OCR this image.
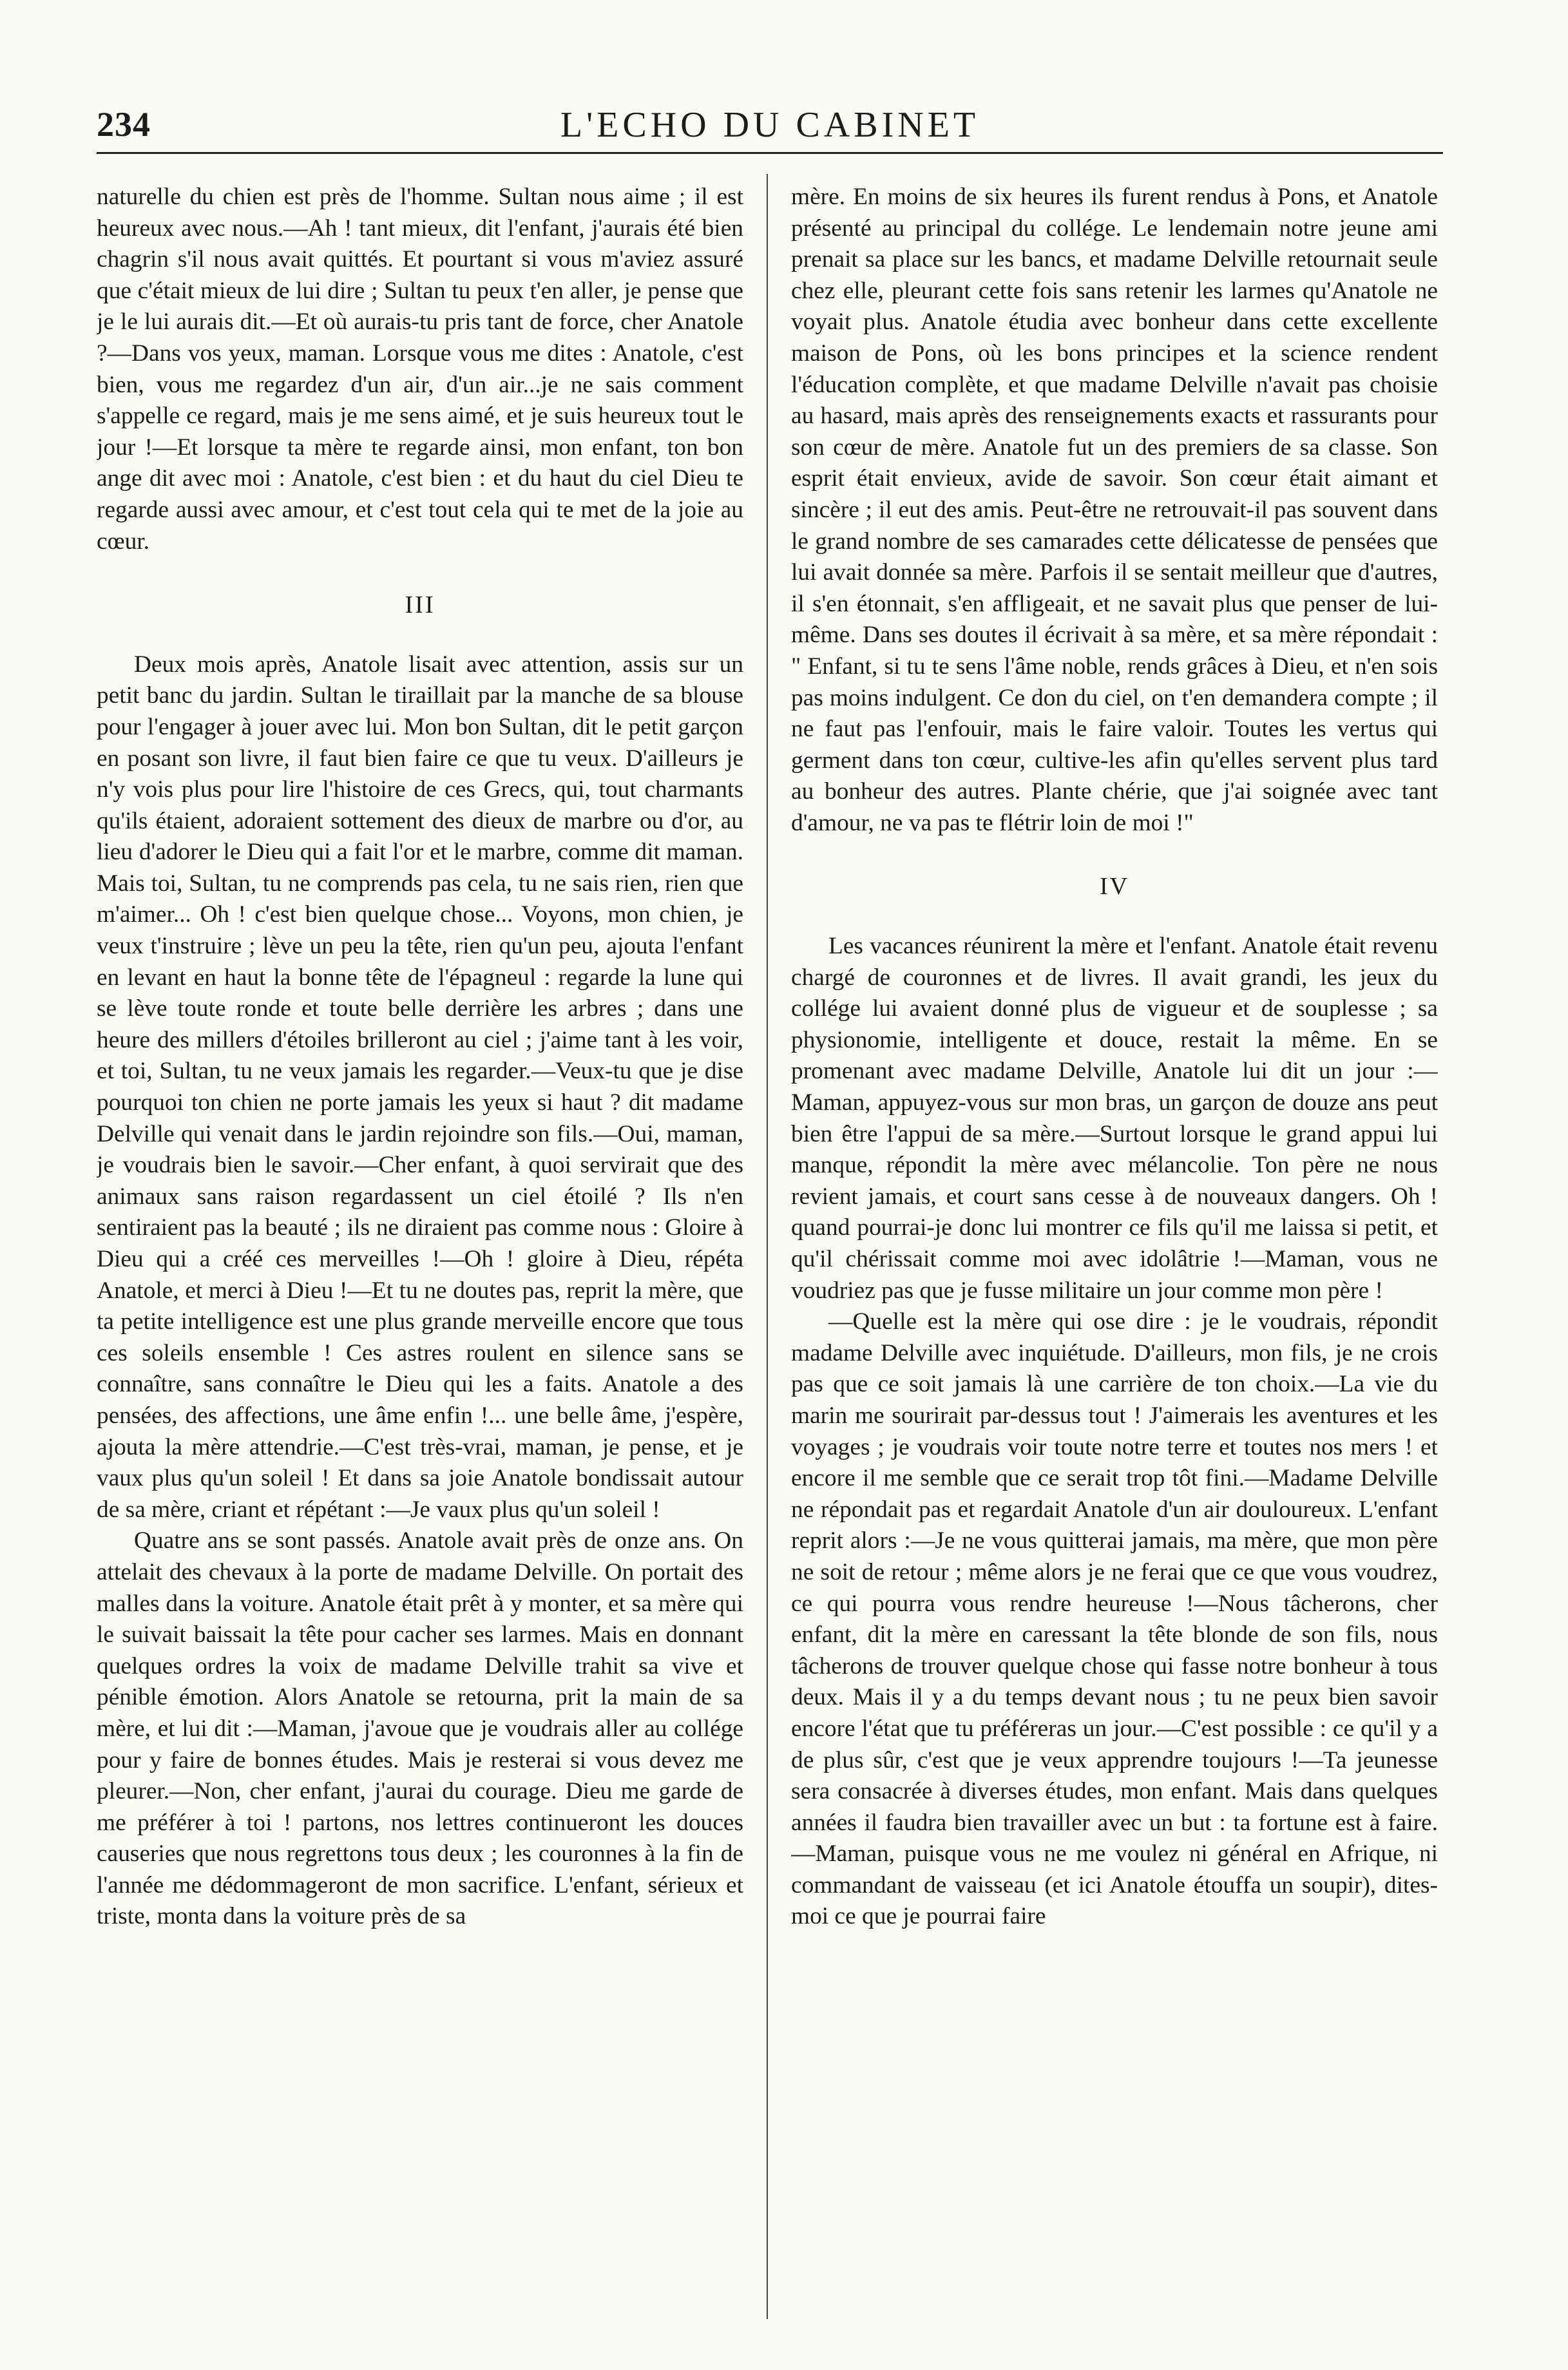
234	L'ECHO DU CABINET

naturelle du chien est près de l'homme. Sultan nous aime ; il est heureux avec nous.—Ah ! tant mieux, dit l'enfant, j'aurais été bien chagrin s'il nous avait quittés. Et pourtant si vous m'aviez assuré que c'était mieux de lui dire ; Sultan tu peux t'en aller, je pense que je le lui aurais dit.—Et où aurais-tu pris tant de force, cher Anatole ?—Dans vos yeux, maman. Lorsque vous me dites : Anatole, c'est bien, vous me regardez d'un air, d'un air...je ne sais comment s'appelle ce regard, mais je me sens aimé, et je suis heureux tout le jour !—Et lorsque ta mère te regarde ainsi, mon enfant, ton bon ange dit avec moi : Anatole, c'est bien : et du haut du ciel Dieu te regarde aussi avec amour, et c'est tout cela qui te met de la joie au cœur.

III

Deux mois après, Anatole lisait avec attention, assis sur un petit banc du jardin. Sultan le tiraillait par la manche de sa blouse pour l'engager à jouer avec lui. Mon bon Sultan, dit le petit garçon en posant son livre, il faut bien faire ce que tu veux. D'ailleurs je n'y vois plus pour lire l'histoire de ces Grecs, qui, tout charmants qu'ils étaient, adoraient sottement des dieux de marbre ou d'or, au lieu d'adorer le Dieu qui a fait l'or et le marbre, comme dit maman. Mais toi, Sultan, tu ne comprends pas cela, tu ne sais rien, rien que m'aimer... Oh ! c'est bien quelque chose... Voyons, mon chien, je veux t'instruire ; lève un peu la tête, rien qu'un peu, ajouta l'enfant en levant en haut la bonne tête de l'épagneul : regarde la lune qui se lève toute ronde et toute belle derrière les arbres ; dans une heure des millers d'étoiles brilleront au ciel ; j'aime tant à les voir, et toi, Sultan, tu ne veux jamais les regarder.—Veux-tu que je dise pourquoi ton chien ne porte jamais les yeux si haut ? dit madame Delville qui venait dans le jardin rejoindre son fils.—Oui, maman, je voudrais bien le savoir.—Cher enfant, à quoi servirait que des animaux sans raison regardassent un ciel étoilé ? Ils n'en sentiraient pas la beauté ; ils ne diraient pas comme nous : Gloire à Dieu qui a créé ces merveilles !—Oh ! gloire à Dieu, répéta Anatole, et merci à Dieu !—Et tu ne doutes pas, reprit la mère, que ta petite intelligence est une plus grande merveille encore que tous ces soleils ensemble ! Ces astres roulent en silence sans se connaître, sans connaître le Dieu qui les a faits. Anatole a des pensées, des affections, une âme enfin !... une belle âme, j'espère, ajouta la mère attendrie.—C'est très-vrai, maman, je pense, et je vaux plus qu'un soleil ! Et dans sa joie Anatole bondissait autour de sa mère, criant et répétant :—Je vaux plus qu'un soleil !

Quatre ans se sont passés. Anatole avait près de onze ans. On attelait des chevaux à la porte de madame Delville. On portait des malles dans la voiture. Anatole était prêt à y monter, et sa mère qui le suivait baissait la tête pour cacher ses larmes. Mais en donnant quelques ordres la voix de madame Delville trahit sa vive et pénible émotion. Alors Anatole se retourna, prit la main de sa mère, et lui dit :—Maman, j'avoue que je voudrais aller au collége pour y faire de bonnes études. Mais je resterai si vous devez me pleurer.—Non, cher enfant, j'aurai du courage. Dieu me garde de me préférer à toi ! partons, nos lettres continueront les douces causeries que nous regrettons tous deux ; les couronnes à la fin de l'année me dédommageront de mon sacrifice. L'enfant, sérieux et triste, monta dans la voiture près de sa

mère. En moins de six heures ils furent rendus à Pons, et Anatole présenté au principal du collége. Le lendemain notre jeune ami prenait sa place sur les bancs, et madame Delville retournait seule chez elle, pleurant cette fois sans retenir les larmes qu'Anatole ne voyait plus. Anatole étudia avec bonheur dans cette excellente maison de Pons, où les bons principes et la science rendent l'éducation complète, et que madame Delville n'avait pas choisie au hasard, mais après des renseignements exacts et rassurants pour son cœur de mère. Anatole fut un des premiers de sa classe. Son esprit était envieux, avide de savoir. Son cœur était aimant et sincère ; il eut des amis. Peut-être ne retrouvait-il pas souvent dans le grand nombre de ses camarades cette délicatesse de pensées que lui avait donnée sa mère. Parfois il se sentait meilleur que d'autres, il s'en étonnait, s'en affligeait, et ne savait plus que penser de lui-même. Dans ses doutes il écrivait à sa mère, et sa mère répondait : " Enfant, si tu te sens l'âme noble, rends grâces à Dieu, et n'en sois pas moins indulgent. Ce don du ciel, on t'en demandera compte ; il ne faut pas l'enfouir, mais le faire valoir. Toutes les vertus qui germent dans ton cœur, cultive-les afin qu'elles servent plus tard au bonheur des autres. Plante chérie, que j'ai soignée avec tant d'amour, ne va pas te flétrir loin de moi !"

IV

Les vacances réunirent la mère et l'enfant. Anatole était revenu chargé de couronnes et de livres. Il avait grandi, les jeux du collége lui avaient donné plus de vigueur et de souplesse ; sa physionomie, intelligente et douce, restait la même. En se promenant avec madame Delville, Anatole lui dit un jour :—Maman, appuyez-vous sur mon bras, un garçon de douze ans peut bien être l'appui de sa mère.—Surtout lorsque le grand appui lui manque, répondit la mère avec mélancolie. Ton père ne nous revient jamais, et court sans cesse à de nouveaux dangers. Oh ! quand pourrai-je donc lui montrer ce fils qu'il me laissa si petit, et qu'il chérissait comme moi avec idolâtrie !—Maman, vous ne voudriez pas que je fusse militaire un jour comme mon père !

—Quelle est la mère qui ose dire : je le voudrais, répondit madame Delville avec inquiétude. D'ailleurs, mon fils, je ne crois pas que ce soit jamais là une carrière de ton choix.—La vie du marin me sourirait par-dessus tout ! J'aimerais les aventures et les voyages ; je voudrais voir toute notre terre et toutes nos mers ! et encore il me semble que ce serait trop tôt fini.—Madame Delville ne répondait pas et regardait Anatole d'un air douloureux. L'enfant reprit alors :—Je ne vous quitterai jamais, ma mère, que mon père ne soit de retour ; même alors je ne ferai que ce que vous voudrez, ce qui pourra vous rendre heureuse !—Nous tâcherons, cher enfant, dit la mère en caressant la tête blonde de son fils, nous tâcherons de trouver quelque chose qui fasse notre bonheur à tous deux. Mais il y a du temps devant nous ; tu ne peux bien savoir encore l'état que tu préféreras un jour.—C'est possible : ce qu'il y a de plus sûr, c'est que je veux apprendre toujours !—Ta jeunesse sera consacrée à diverses études, mon enfant. Mais dans quelques années il faudra bien travailler avec un but : ta fortune est à faire.—Maman, puisque vous ne me voulez ni général en Afrique, ni commandant de vaisseau (et ici Anatole étouffa un soupir), dites-moi ce que je pourrai faire
